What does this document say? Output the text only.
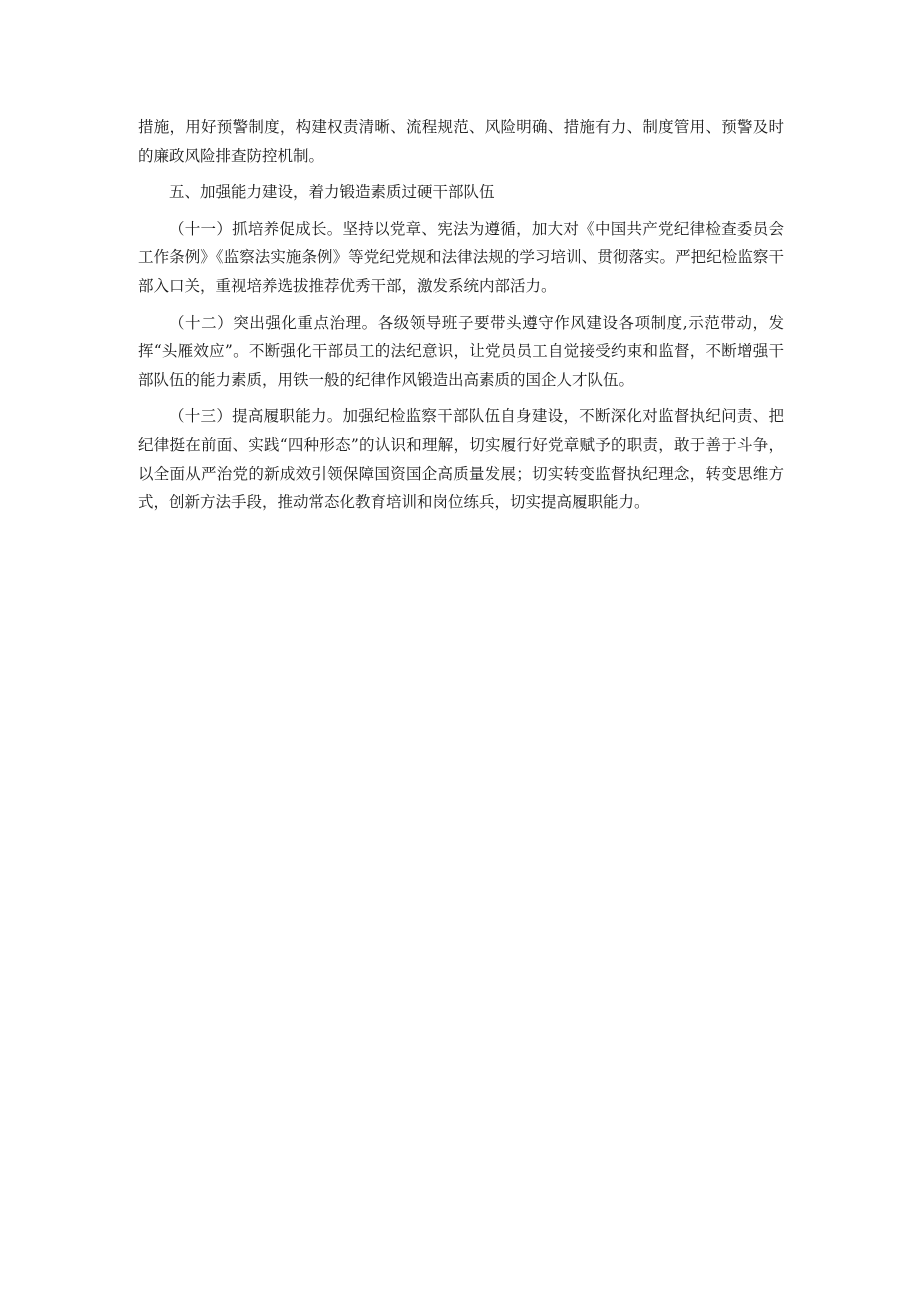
措施，用好预警制度，构建权责清晰、流程规范、风险明确、措施有力、制度管用、预警及时的廉政风险排查防控机制。

五、加强能力建设，着力锻造素质过硬干部队伍

（十一）抓培养促成长。坚持以党章、宪法为遵循，加大对《中国共产党纪律检查委员会工作条例》《监察法实施条例》等党纪党规和法律法规的学习培训、贯彻落实。严把纪检监察干部入口关，重视培养选拔推荐优秀干部，激发系统内部活力。

（十二）突出强化重点治理。各级领导班子要带头遵守作风建设各项制度,示范带动，发挥“头雁效应”。不断强化干部员工的法纪意识，让党员员工自觉接受约束和监督，不断增强干部队伍的能力素质，用铁一般的纪律作风锻造出高素质的国企人才队伍。

（十三）提高履职能力。加强纪检监察干部队伍自身建设，不断深化对监督执纪问责、把纪律挺在前面、实践“四种形态”的认识和理解，切实履行好党章赋予的职责，敢于善于斗争，以全面从严治党的新成效引领保障国资国企高质量发展；切实转变监督执纪理念，转变思维方式，创新方法手段，推动常态化教育培训和岗位练兵，切实提高履职能力。
